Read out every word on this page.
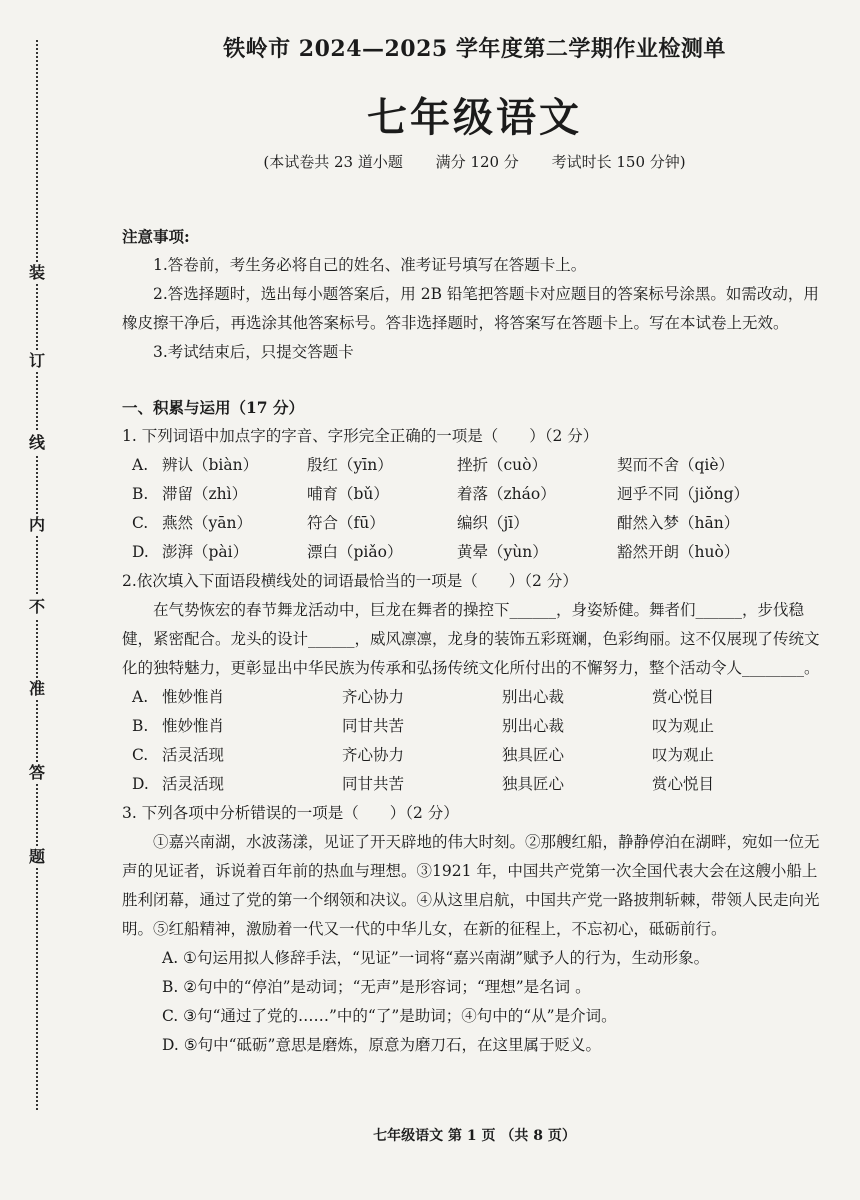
装
订
线
内
不
准
答
题
铁岭市 2024—2025 学年度第二学期作业检测单
七年级语文
(本试卷共 23 道小题 满分 120 分 考试时长 150 分钟)
注意事项:

1.答卷前，考生务必将自己的姓名、准考证号填写在答题卡上。

2.答选择题时，选出每小题答案后，用 2B 铅笔把答题卡对应题目的答案标号涂黑。如需改动，用橡皮擦干净后，再选涂其他答案标号。答非选择题时，将答案写在答题卡上。写在本试卷上无效。

3.考试结束后，只提交答题卡

一、积累与运用（17 分）

1. 下列词语中加点字的字音、字形完全正确的一项是（　　）（2 分）

A. 辨认（biàn）	殷红（yīn）	挫折（cuò）	契而不舍（qiè）
B. 滞留（zhì）	哺育（bǔ）	着落（zháo）	迥乎不同（jiǒng）
C. 燕然（yān）	符合（fū）	编织（jī）	酣然入梦（hān）
D. 澎湃（pài）	漂白（piǎo）	黄晕（yùn）	豁然开朗（huò）

2.依次填入下面语段横线处的词语最恰当的一项是（　　）（2 分）

在气势恢宏的春节舞龙活动中，巨龙在舞者的操控下______，身姿矫健。舞者们______，步伐稳健，紧密配合。龙头的设计______，威风凛凛，龙身的装饰五彩斑斓，色彩绚丽。这不仅展现了传统文化的独特魅力，更彰显出中华民族为传承和弘扬传统文化所付出的不懈努力，整个活动令人________。

A. 惟妙惟肖	齐心协力	别出心裁	赏心悦目
B. 惟妙惟肖	同甘共苦	别出心裁	叹为观止
C. 活灵活现	齐心协力	独具匠心	叹为观止
D. 活灵活现	同甘共苦	独具匠心	赏心悦目

3. 下列各项中分析错误的一项是（　　）（2 分）

①嘉兴南湖，水波荡漾，见证了开天辟地的伟大时刻。②那艘红船，静静停泊在湖畔，宛如一位无声的见证者，诉说着百年前的热血与理想。③1921 年，中国共产党第一次全国代表大会在这艘小船上胜利闭幕，通过了党的第一个纲领和决议。④从这里启航，中国共产党一路披荆斩棘，带领人民走向光明。⑤红船精神，激励着一代又一代的中华儿女，在新的征程上，不忘初心，砥砺前行。

A. ①句运用拟人修辞手法，“见证”一词将“嘉兴南湖”赋予人的行为，生动形象。
B. ②句中的“停泊”是动词；“无声”是形容词；“理想”是名词 。
C. ③句“通过了党的……”中的“了”是助词；④句中的“从”是介词。
D. ⑤句中“砥砺”意思是磨炼，原意为磨刀石，在这里属于贬义。
七年级语文 第 1 页 （共 8 页）
